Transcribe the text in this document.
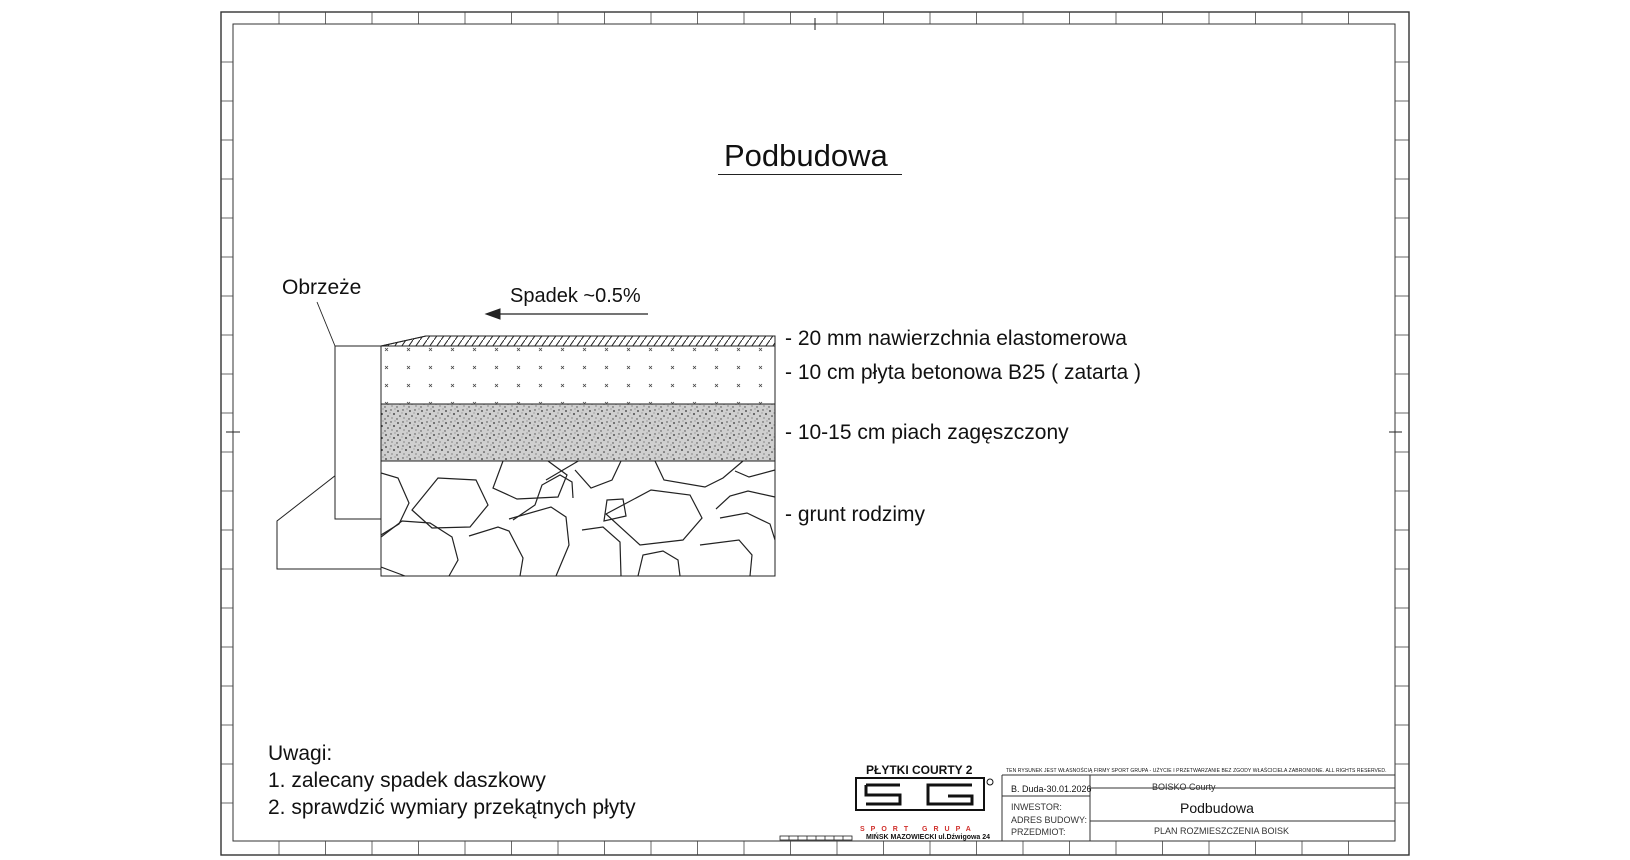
Podbudowa
Obrzeże	Spadek ~0.5%
- 20 mm nawierzchnia elastomerowa
- 10 cm płyta betonowa B25 ( zatarta )
- 10-15 cm piach zagęszczony
- grunt rodzimy
Uwagi:
1. zalecany spadek daszkowy
2. sprawdzić wymiary przekątnych płyty
PŁYTKI COURTY 2
SPORT GRUPA
MIŃSK MAZOWIECKI ul.Dźwigowa 24
TEN RYSUNEK JEST WŁASNOŚCIĄ FIRMY SPORT GRUPA - UŻYCIE I PRZETWARZANIE BEZ ZGODY WŁAŚCICIELA ZABRONIONE. ALL RIGHTS RESERVED.
B. Duda-30.01.2026
INWESTOR:
ADRES BUDOWY:
PRZEDMIOT:
BOISKO Courty
Podbudowa
PLAN ROZMIESZCZENIA BOISK
